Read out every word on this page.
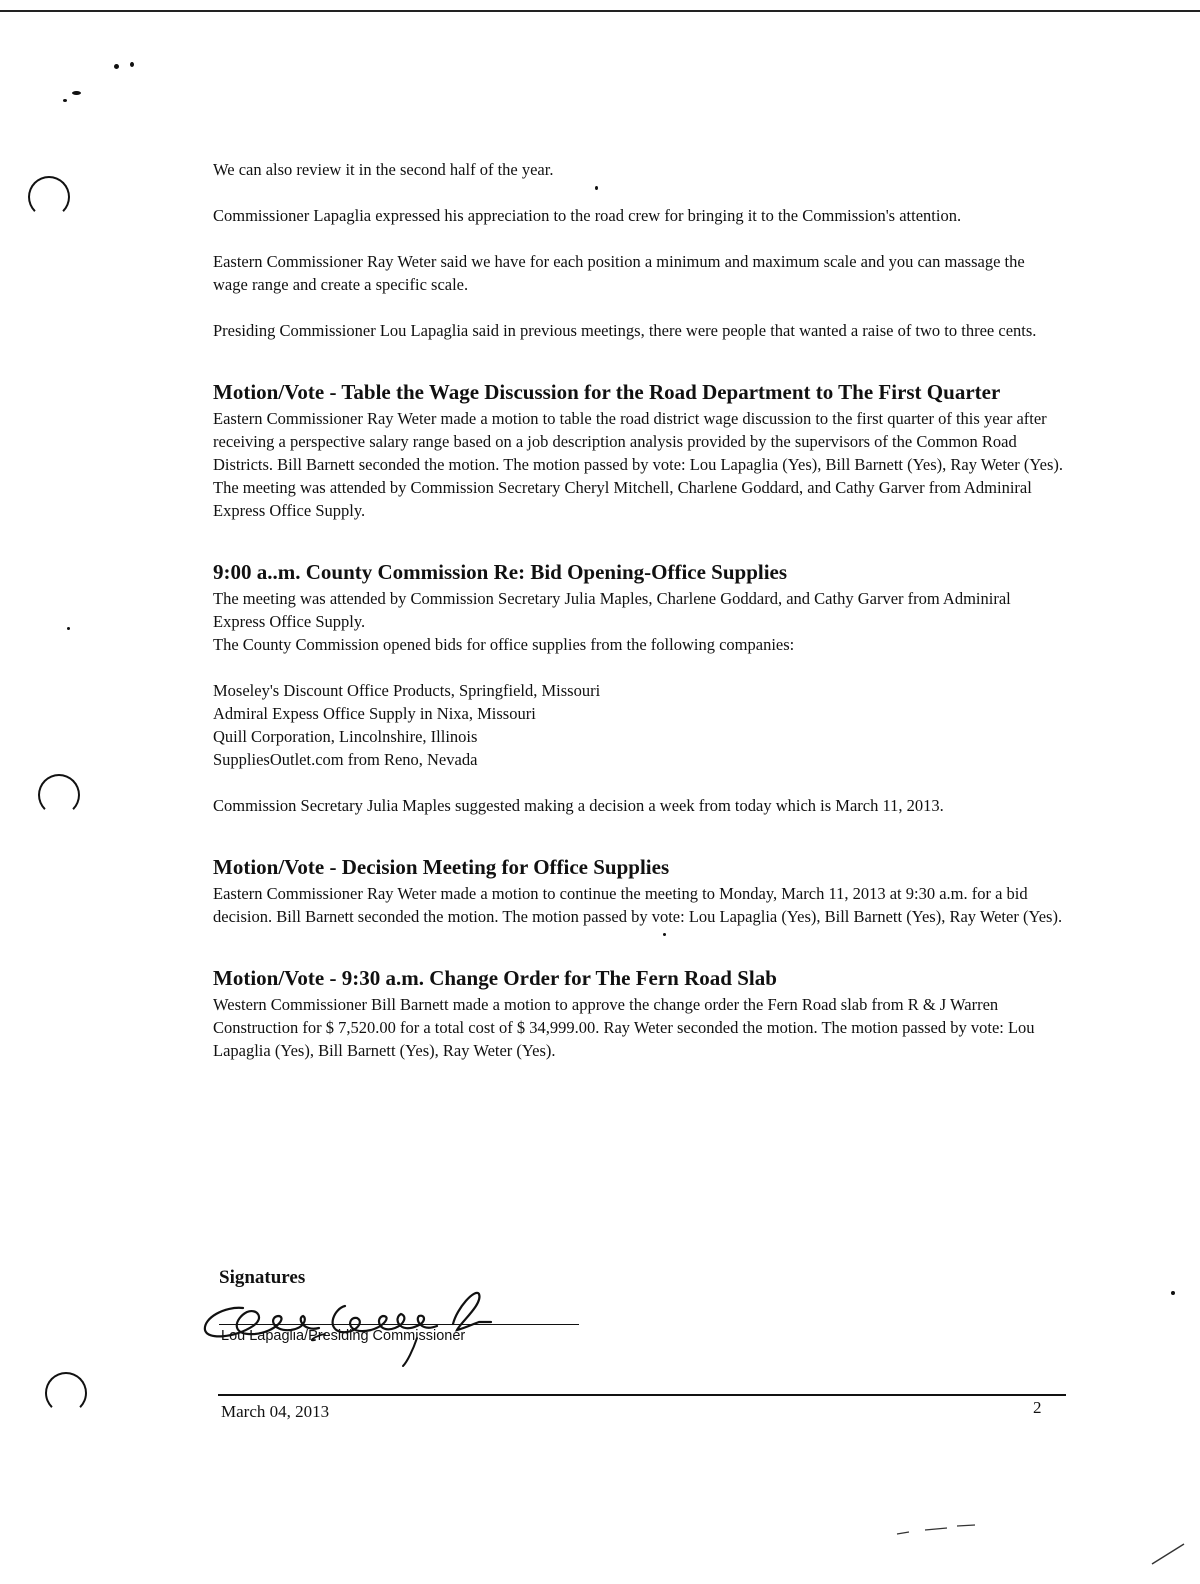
We can also review it in the second half of the year.

Commissioner Lapaglia expressed his appreciation to the road crew for bringing it to the Commission's attention.

Eastern Commissioner Ray Weter said we have for each position a minimum and maximum scale and you can massage the wage range and create a specific scale.

Presiding Commissioner Lou Lapaglia said in previous meetings, there were people that wanted a raise of two to three cents.

Motion/Vote - Table the Wage Discussion for the Road Department to The First Quarter

Eastern Commissioner Ray Weter made a motion to table the road district wage discussion to the first quarter of this year after receiving a perspective salary range based on a job description analysis provided by the supervisors of the Common Road Districts. Bill Barnett seconded the motion. The motion passed by vote: Lou Lapaglia (Yes), Bill Barnett (Yes), Ray Weter (Yes). The meeting was attended by Commission Secretary Cheryl Mitchell, Charlene Goddard, and Cathy Garver from Adminiral Express Office Supply.

9:00 a..m. County Commission Re: Bid Opening-Office Supplies

The meeting was attended by Commission Secretary Julia Maples, Charlene Goddard, and Cathy Garver from Adminiral Express Office Supply.

The County Commission opened bids for office supplies from the following companies:

Moseley's Discount Office Products, Springfield, Missouri

Admiral Expess Office Supply in Nixa, Missouri

Quill Corporation, Lincolnshire, Illinois

SuppliesOutlet.com from Reno, Nevada

Commission Secretary Julia Maples suggested making a decision a week from today which is March 11, 2013.

Motion/Vote - Decision Meeting for Office Supplies

Eastern Commissioner Ray Weter made a motion to continue the meeting to Monday, March 11, 2013 at 9:30 a.m. for a bid decision. Bill Barnett seconded the motion. The motion passed by vote: Lou Lapaglia (Yes), Bill Barnett (Yes), Ray Weter (Yes).

Motion/Vote - 9:30 a.m. Change Order for The Fern Road Slab

Western Commissioner Bill Barnett made a motion to approve the change order the Fern Road slab from R & J Warren Construction for $ 7,520.00 for a total cost of $ 34,999.00. Ray Weter seconded the motion. The motion passed by vote: Lou Lapaglia (Yes), Bill Barnett (Yes), Ray Weter (Yes).

Signatures
Lou Lapaglia/Presiding Commissioner
March 04, 2013	2
